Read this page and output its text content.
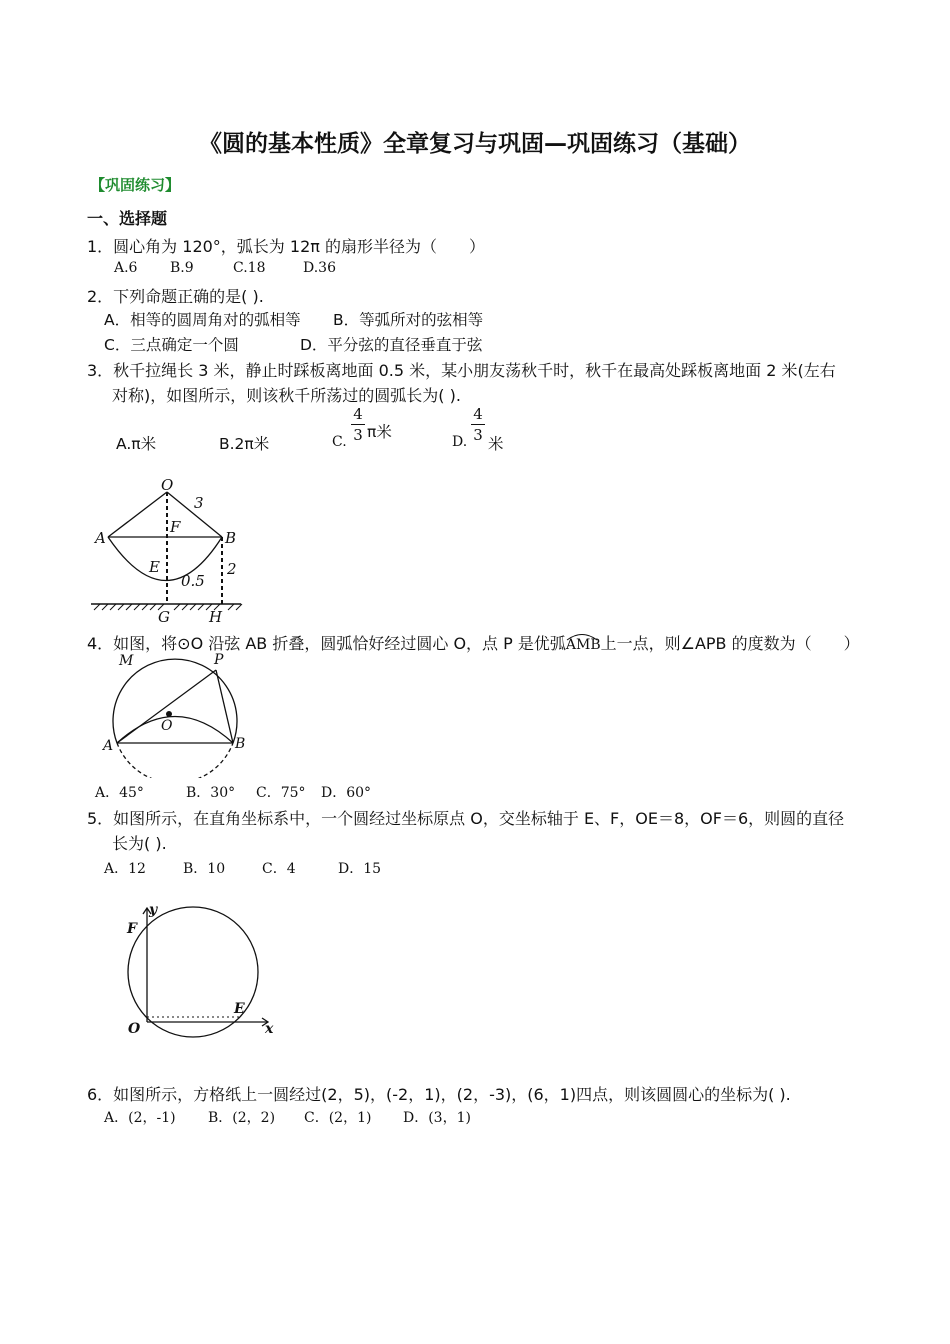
《圆的基本性质》全章复习与巩固—巩固练习（基础）
【巩固练习】
一、选择题
1．圆心角为 120°，弧长为 12π 的扇形半径为（　　）
A.6 B.9	C.18	D.36
2．下列命题正确的是( ).
A．相等的圆周角对的弧相等 B．等弧所对的弦相等
C．三点确定一个圆	D．平分弦的直径垂直于弦
3．秋千拉绳长 3 米，静止时踩板离地面 0.5 米，某小朋友荡秋千时，秋千在最高处踩板离地面 2 米(左右
对称)，如图所示，则该秋千所荡过的圆弧长为( ).
A.π米	B.2π米	C.
4
3 π米
D.
4
3 米
O
3
A
F
B
E	2
0.5
G	H
4．如图，将⊙O 沿弦 AB 折叠，圆弧恰好经过圆心 O，点 P 是优弧
AMB上一点，则∠APB 的度数为（　　）
M	P
O
A	B
A．45°	B．30° C．75° D．60°
5．如图所示，在直角坐标系中，一个圆经过坐标原点 O，交坐标轴于 E、F，OE＝8，OF＝6，则圆的直径
长为( ).
A．12	B．10	C．4	D．15
y
F
E
O	x
6．如图所示，方格纸上一圆经过(2，5)，(-2，1)，(2，-3)，(6，1)四点，则该圆圆心的坐标为( ).
A．(2，-1) B．(2，2) C．(2，1) D．(3，1)
